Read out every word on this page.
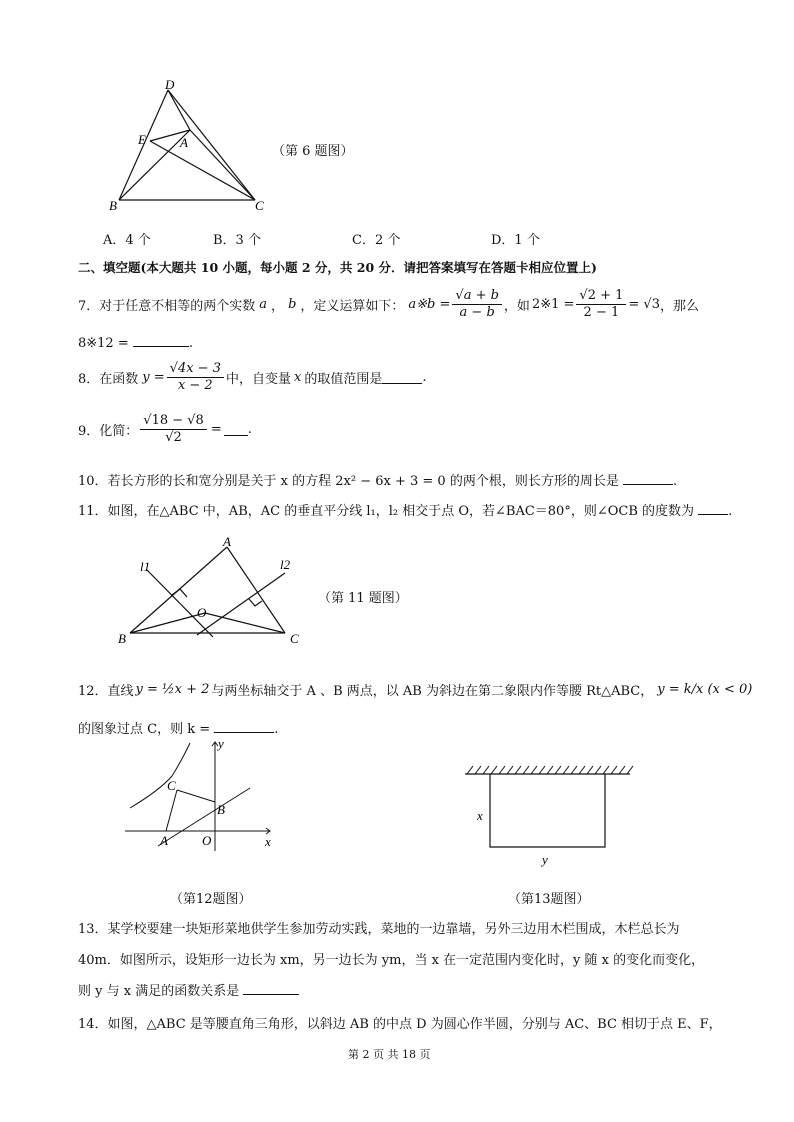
D
E	A
B	C
（第 6 题图）
A．4 个	B．3 个	C．2 个	D．1 个
二、填空题(本大题共 10 小题，每小题 2 分，共 20 分．请把答案填写在答题卡相应位置上)
7．对于任意不相等的两个实数 a ， b ，定义运算如下： a※b = $\frac{√a + b}{a - b}$ ，如 2※1 = $\frac{√2 + 1}{2 - 1} = √3$ ，那么
8※12 =	.
8．在函数 $y = \frac{√4x - 3}{x - 2}$ 中，自变量 x 的取值范围是	.
9．化简： $\frac{√18 - √8}{√2}$ = .
10．若长方形的长和宽分别是关于 x 的方程 2x² − 6x + 3 = 0 的两个根，则长方形的周长是	.
11．如图，在△ABC 中，AB，AC 的垂直平分线 l₁，l₂ 相交于点 O，若∠BAC＝80°，则∠OCB 的度数为	.
A
l1	l2
O
B	C
（第 11 题图）
12．直线 y = ½x + 2 与两坐标轴交于 A 、B 两点，以 AB 为斜边在第二象限内作等腰 Rt△ABC， y = k/x (x < 0)
的图象过点 C，则 k =	.
y
C
B
A	O	x
（第12题图）
x
y
（第13题图）
13．某学校要建一块矩形菜地供学生参加劳动实践，菜地的一边靠墙，另外三边用木栏围成，木栏总长为
40m．如图所示，设矩形一边长为 xm，另一边长为 ym，当 x 在一定范围内变化时，y 随 x 的变化而变化，
则 y 与 x 满足的函数关系是
14．如图，△ABC 是等腰直角三角形，以斜边 AB 的中点 D 为圆心作半圆，分别与 AC、BC 相切于点 E、F，
第 2 页 共 18 页
